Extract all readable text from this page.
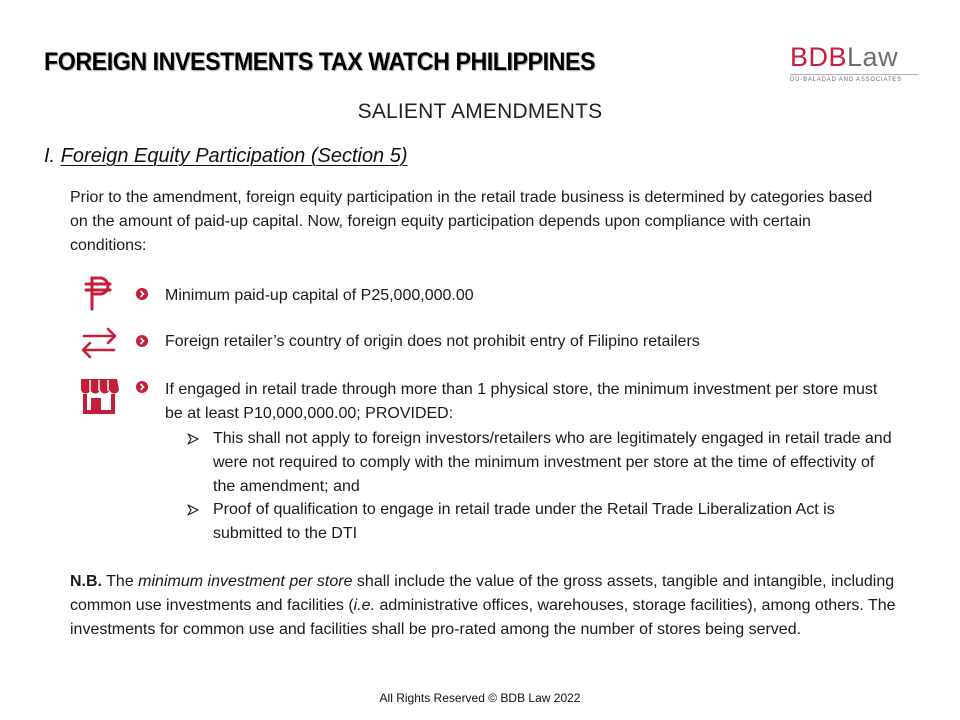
FOREIGN INVESTMENTS TAX WATCH PHILIPPINES	BDBLaw
DU-BALADAD AND ASSOCIATES
SALIENT AMENDMENTS
I. Foreign Equity Participation (Section 5)

Prior to the amendment, foreign equity participation in the retail trade business is determined by categories based on the amount of paid-up capital. Now, foreign equity participation depends upon compliance with certain conditions:

Minimum paid-up capital of P25,000,000.00

Foreign retailer’s country of origin does not prohibit entry of Filipino retailers

If engaged in retail trade through more than 1 physical store, the minimum investment per store must be at least P10,000,000.00; PROVIDED:

This shall not apply to foreign investors/retailers who are legitimately engaged in retail trade and were not required to comply with the minimum investment per store at the time of effectivity of the amendment; and

Proof of qualification to engage in retail trade under the Retail Trade Liberalization Act is submitted to the DTI

N.B. The minimum investment per store shall include the value of the gross assets, tangible and intangible, including common use investments and facilities (i.e. administrative offices, warehouses, storage facilities), among others. The investments for common use and facilities shall be pro-rated among the number of stores being served.

All Rights Reserved © BDB Law 2022
